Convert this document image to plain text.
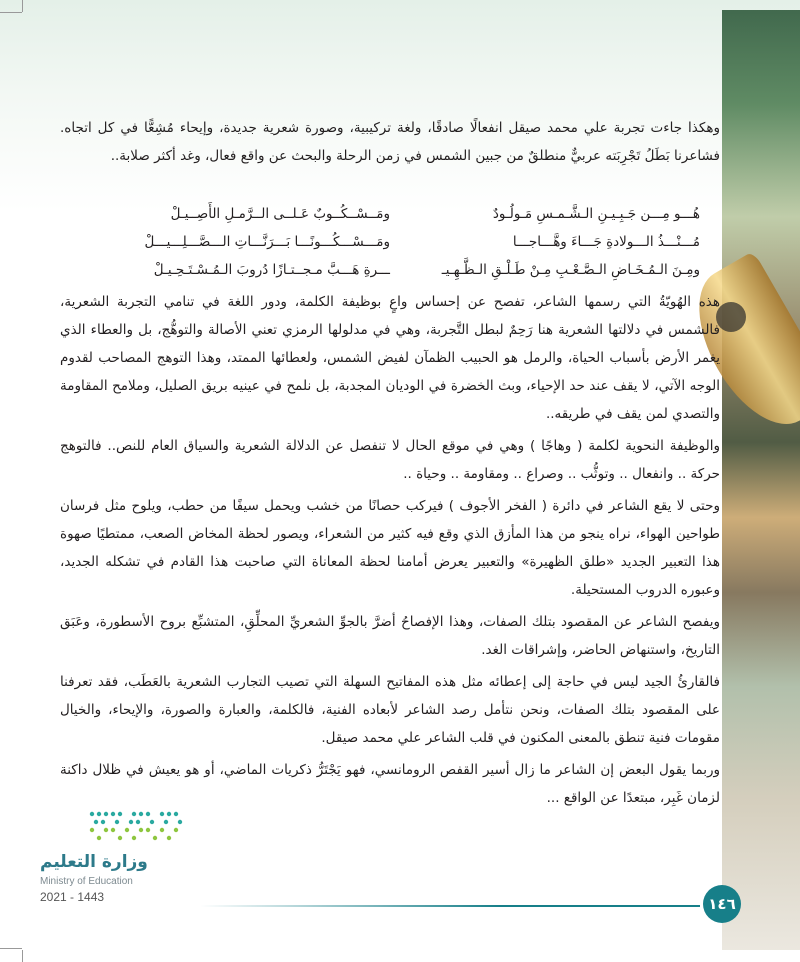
وهكذا جاءت تجربة علي محمد صيقل انفعالًا صادقًا، ولغة تركيبية، وصورة شعرية جديدة، وإيحاء مُشِعًّا في كل اتجاه. فشاعرنا بَطَلُ تَجْرِبَته عربيٌّ منطلقٌ من جبين الشمس في زمن الرحلة والبحث عن واقع فعال، وغد أكثر صلابة..

هُـــو مِـــن جَـبِـيـنِ الـشَّـمـسِ مَـولُـودٌ
ومَــسْــكُــوبٌ عَـلــى الــرَّمـلِ الأَصِــيـلْ
مُـــنْـــذُ الـــولادةِ جَـــاءَ وهَّـــاجـــا
ومَـــسْـــكُـــونًـــا بَـــرَنَّـــاتِ الـــصَّـــلِـــيـــلْ
ومِـنَ الـمُـخَـاضِ الـصَّـعْـبِ مِـنْ طَـلْـقِ الـظَّـهِـيـ
ـــرةِ هَـــبَّ مـجــتـازًا دُروبَ الـمُـسْـتَـحِـيـلْ

هذه الهُويّةُ التي رسمها الشاعر، تفصح عن إحساس واعٍ بوظيفة الكلمة، ودور اللغة في تنامي التجربة الشعرية، فالشمس في دلالتها الشعرية هنا رَحِمٌ لبطل التَّجربة، وهي في مدلولها الرمزي تعني الأصالة والتوهُّج، بل والعطاء الذي يغمر الأرض بأسباب الحياة، والرمل هو الحبيب الظمآن لفيض الشمس، ولعطائها الممتد، وهذا التوهج المصاحب لقدوم الوجه الآتي، لا يقف عند حد الإحياء، وبث الخضرة في الوديان المجدبة، بل نلمح في عينيه بريق الصليل، وملامح المقاومة والتصدي لمن يقف في طريقه..

والوظيفة النحوية لكلمة ( وهاجًا ) وهي في موقع الحال لا تنفصل عن الدلالة الشعرية والسياق العام للنص.. فالتوهج حركة .. وانفعال .. وتوثُّب .. وصراع .. ومقاومة .. وحياة ..

وحتى لا يقع الشاعر في دائرة ( الفخر الأجوف ) فيركب حصانًا من خشب ويحمل سيفًا من حطب، ويلوح مثل فرسان طواحين الهواء، نراه ينجو من هذا المأزق الذي وقع فيه كثير من الشعراء، ويصور لحظة المخاض الصعب، ممتطيًا صهوة هذا التعبير الجديد «طلق الظهيرة» والتعبير يعرض أمامنا لحظة المعاناة التي صاحبت هذا القادم في تشكله الجديد، وعبوره الدروب المستحيلة.

ويفصح الشاعر عن المقصود بتلك الصفات، وهذا الإفصاحُ أضرَّ بالجوِّ الشعريِّ المحلِّقِ، المتشبِّع بروح الأسطورة، وعَبَق التاريخ، واستنهاض الحاضر، وإشراقات الغد.

فالقارئُ الجيد ليس في حاجة إلى إعطائه مثل هذه المفاتيح السهلة التي تصيب التجارب الشعرية بالعَطَب، فقد تعرفنا على المقصود بتلك الصفات، ونحن نتأمل رصد الشاعر لأبعاده الفنية، فالكلمة، والعبارة والصورة، والإيحاء، والخيال مقومات فنية تنطق بالمعنى المكنون في قلب الشاعر علي محمد صيقل.

وربما يقول البعض إن الشاعر ما زال أسير القفص الرومانسي، فهو يَجْتَرُّ ذكريات الماضي، أو هو يعيش في ظلال داكنة لزمان غَبِر، مبتعدًا عن الواقع ...

وزارة التعليم
Ministry of Education
2021 - 1443	١٤٦
